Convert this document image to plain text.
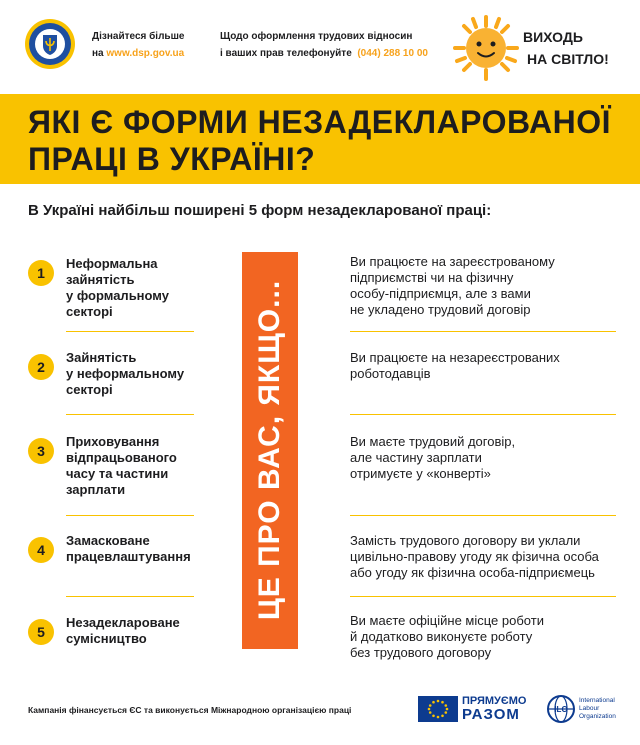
Дізнайтеся більше
на www.dsp.gov.ua
Щодо оформлення трудових відносин
і ваших прав телефонуйте (044) 288 10 00
ВИХОДЬ
НА СВІТЛО!
ЯКІ Є ФОРМИ НЕЗАДЕКЛАРОВАНОЇ
ПРАЦІ В УКРАЇНІ?
В Україні найбільш поширені 5 форм незадекларованої праці:
ЦЕ ПРО ВАС, ЯКЩО...
1
Неформальна
зайнятість
у формальному
секторі
Ви працюєте на зареєстрованому
підприємстві чи на фізичну
особу-підприємця, але з вами
не укладено трудовий договір
2
Зайнятість
у неформальному
секторі
Ви працюєте на незареєстрованих
роботодавців
3
Приховування
відпрацьованого
часу та частини
зарплати
Ви маєте трудовий договір,
але частину зарплати
отримуєте у «конверті»
4
Замасковане
працевлаштування
Замість трудового договору ви уклали
цивільно-правову угоду як фізична особа
або угоду як фізична особа-підприємець
5
Незадеклароване
сумісництво
Ви маєте офіційне місце роботи
й додатково виконуєте роботу
без трудового договору
Кампанія фінансується ЄС та виконується Міжнародною організацією праці
ПРЯМУЄМО
РАЗОМ	ILO
International
Labour
Organization
